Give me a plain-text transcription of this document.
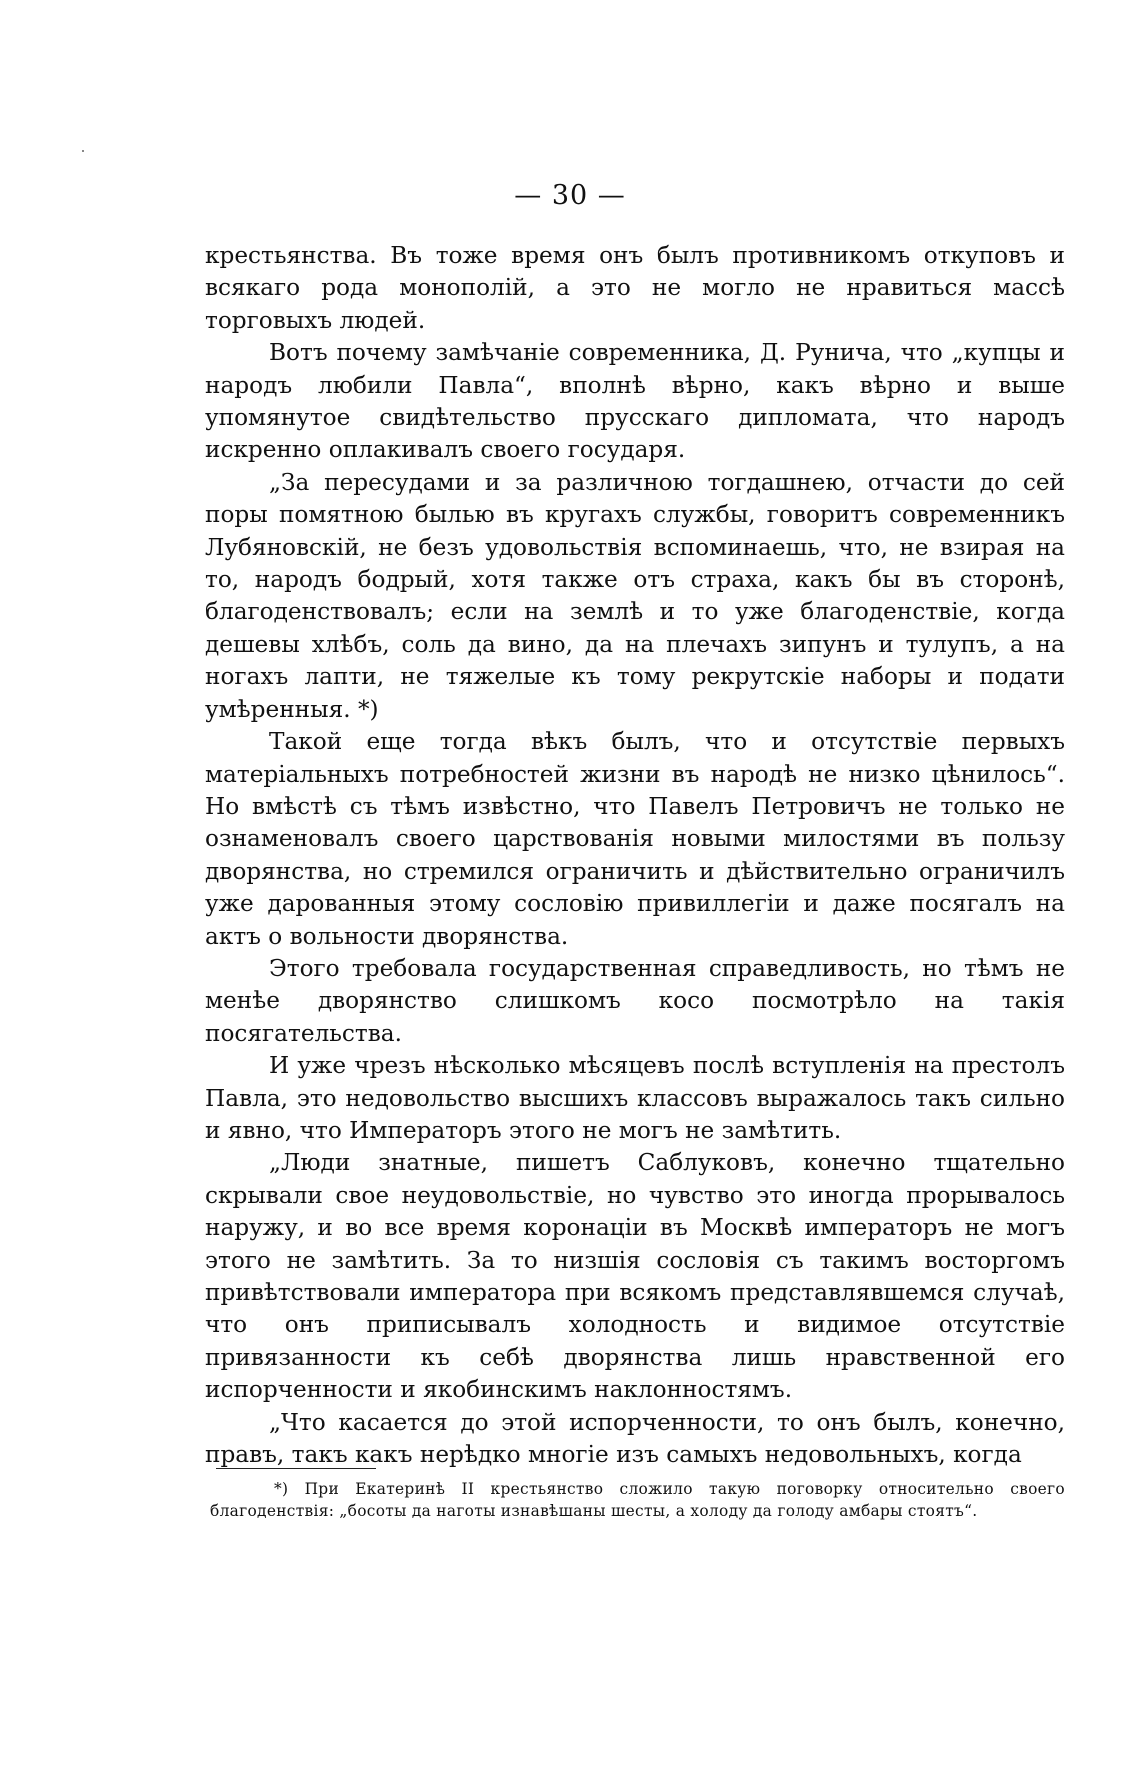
— 30 —

крестьянства. Въ тоже время онъ былъ противникомъ откуповъ и всякаго рода монополій, а это не могло не нравиться массѣ торговыхъ людей.

Вотъ почему замѣчаніе современника, Д. Рунича, что „купцы и народъ любили Павла“, вполнѣ вѣрно, какъ вѣрно и выше упомянутое свидѣтельство прусскаго дипломата, что народъ искренно оплакивалъ своего государя.

„За пересудами и за различною тогдашнею, отчасти до сей поры помятною былью въ кругахъ службы, говоритъ современникъ Лубяновскій, не безъ удовольствія вспоминаешь, что, не взирая на то, народъ бодрый, хотя также отъ страха, какъ бы въ сторонѣ, благоденствовалъ; если на землѣ и то уже благоденствіе, когда дешевы хлѣбъ, соль да вино, да на плечахъ зипунъ и тулупъ, а на ногахъ лапти, не тяжелые къ тому рекрутскіе наборы и подати умѣренныя. *)

Такой еще тогда вѣкъ былъ, что и отсутствіе первыхъ матеріальныхъ потребностей жизни въ народѣ не низко цѣнилось“. Но вмѣстѣ съ тѣмъ извѣстно, что Павелъ Петровичъ не только не ознаменовалъ своего царствованія новыми милостями въ пользу дворянства, но стремился ограничить и дѣйствительно ограничилъ уже дарованныя этому сословію привиллегіи и даже посягалъ на актъ о вольности дворянства.

Этого требовала государственная справедливость, но тѣмъ не менѣе дворянство слишкомъ косо посмотрѣло на такія посягательства.

И уже чрезъ нѣсколько мѣсяцевъ послѣ вступленія на престолъ Павла, это недовольство высшихъ классовъ выражалось такъ сильно и явно, что Императоръ этого не могъ не замѣтить.

„Люди знатные, пишетъ Саблуковъ, конечно тщательно скрывали свое неудовольствіе, но чувство это иногда прорывалось наружу, и во все время коронаціи въ Москвѣ императоръ не могъ этого не замѣтить. За то низшія сословія съ такимъ восторгомъ привѣтствовали императора при всякомъ представлявшемся случаѣ, что онъ приписывалъ холодность и видимое отсутствіе привязанности къ себѣ дворянства лишь нравственной его испорченности и якобинскимъ наклонностямъ.

„Что касается до этой испорченности, то онъ былъ, конечно, правъ, такъ какъ нерѣдко многіе изъ самыхъ недовольныхъ, когда

*) При Екатеринѣ II крестьянство сложило такую поговорку относительно своего благоденствія: „босоты да наготы изнавѣшаны шесты, а холоду да голоду амбары стоятъ“.
